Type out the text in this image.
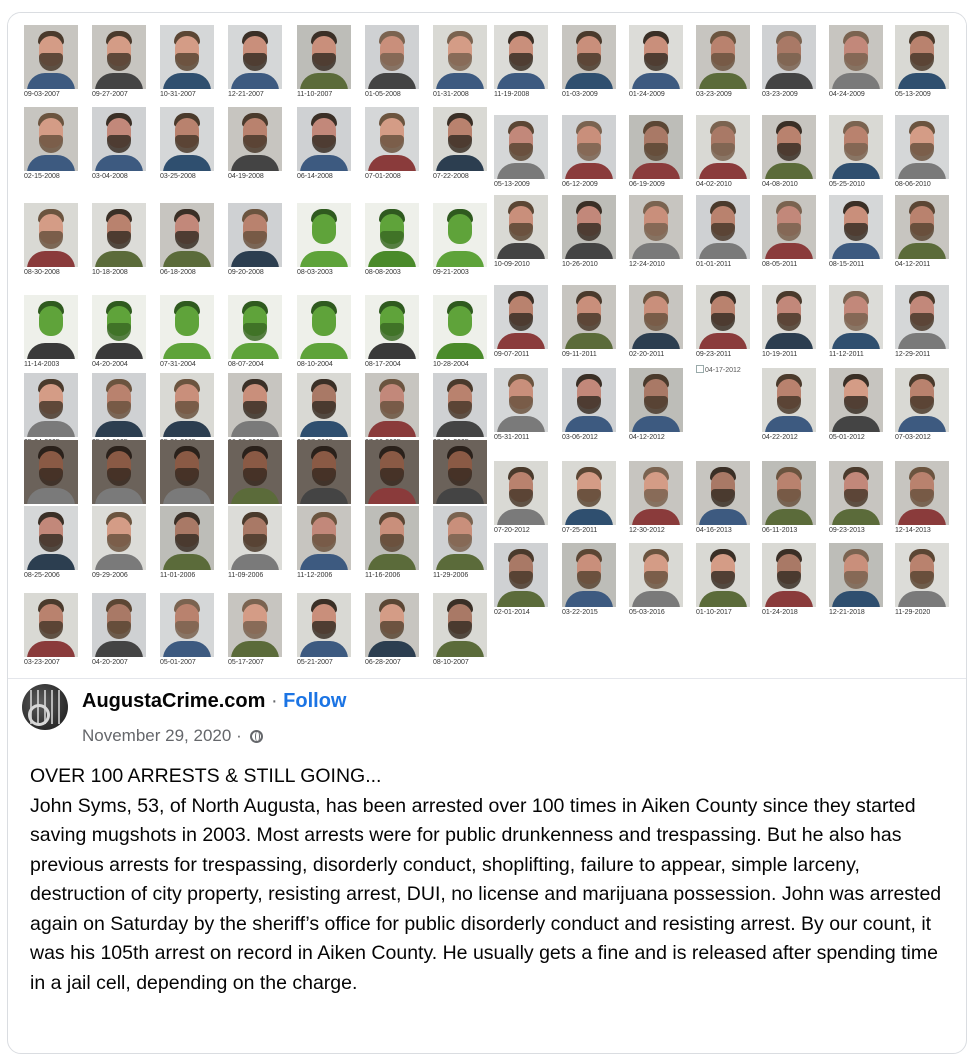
09-03-2007	09-27-2007	10-31-2007	12-21-2007	11-10-2007	01-05-2008	01-31-2008
02-15-2008	03-04-2008	03-25-2008	04-19-2008	06-14-2008	07-01-2008	07-22-2008
08-30-2008	10-18-2008	06-18-2008	09-20-2008	08-03-2003	08-08-2003	09-21-2003
11-14-2003	04-20-2004	07-31-2004	08-07-2004	08-10-2004	08-17-2004	10-28-2004
08-25-2006	09-29-2006	11-01-2006	11-09-2006	11-12-2006	11-16-2006	11-29-2006
03-23-2007	04-20-2007	05-01-2007	05-17-2007	05-21-2007	06-28-2007	08-10-2007
11-19-2008	01-03-2009	01-24-2009	03-23-2009	03-23-2009	04-24-2009	05-13-2009
05-13-2009	06-12-2009	06-19-2009	04-02-2010	04-08-2010	05-25-2010	08-06-2010
10-09-2010	10-26-2010	12-24-2010	01-01-2011	08-05-2011	08-15-2011	04-12-2011
09-07-2011	09-11-2011	02-20-2011	09-23-2011	10-19-2011	11-12-2011	12-29-2011
05-31-2011	03-06-2012	04-12-2012	04-22-2012	05-01-2012	07-03-2012
07-20-2012	07-25-2011	12-30-2012	04-16-2013	06-11-2013	09-23-2013	12-14-2013
02-01-2014	03-22-2015	05-03-2016	01-10-2017	01-24-2018	12-21-2018	11-29-2020
04-17-2012
AugustaCrime.com · Follow
November 29, 2020 ·

OVER 100 ARRESTS & STILL GOING...

John Syms, 53, of North Augusta, has been arrested over 100 times in Aiken County since they started saving mugshots in 2003. Most arrests were for public drunkenness and trespassing. But he also has previous arrests for trespassing, disorderly conduct, shoplifting, failure to appear, simple larceny, destruction of city property, resisting arrest, DUI, no license and marijuana possession. John was arrested again on Saturday by the sheriff’s office for public disorderly conduct and resisting arrest. By our count, it was his 105th arrest on record in Aiken County. He usually gets a fine and is released after spending time in a jail cell, depending on the charge.
